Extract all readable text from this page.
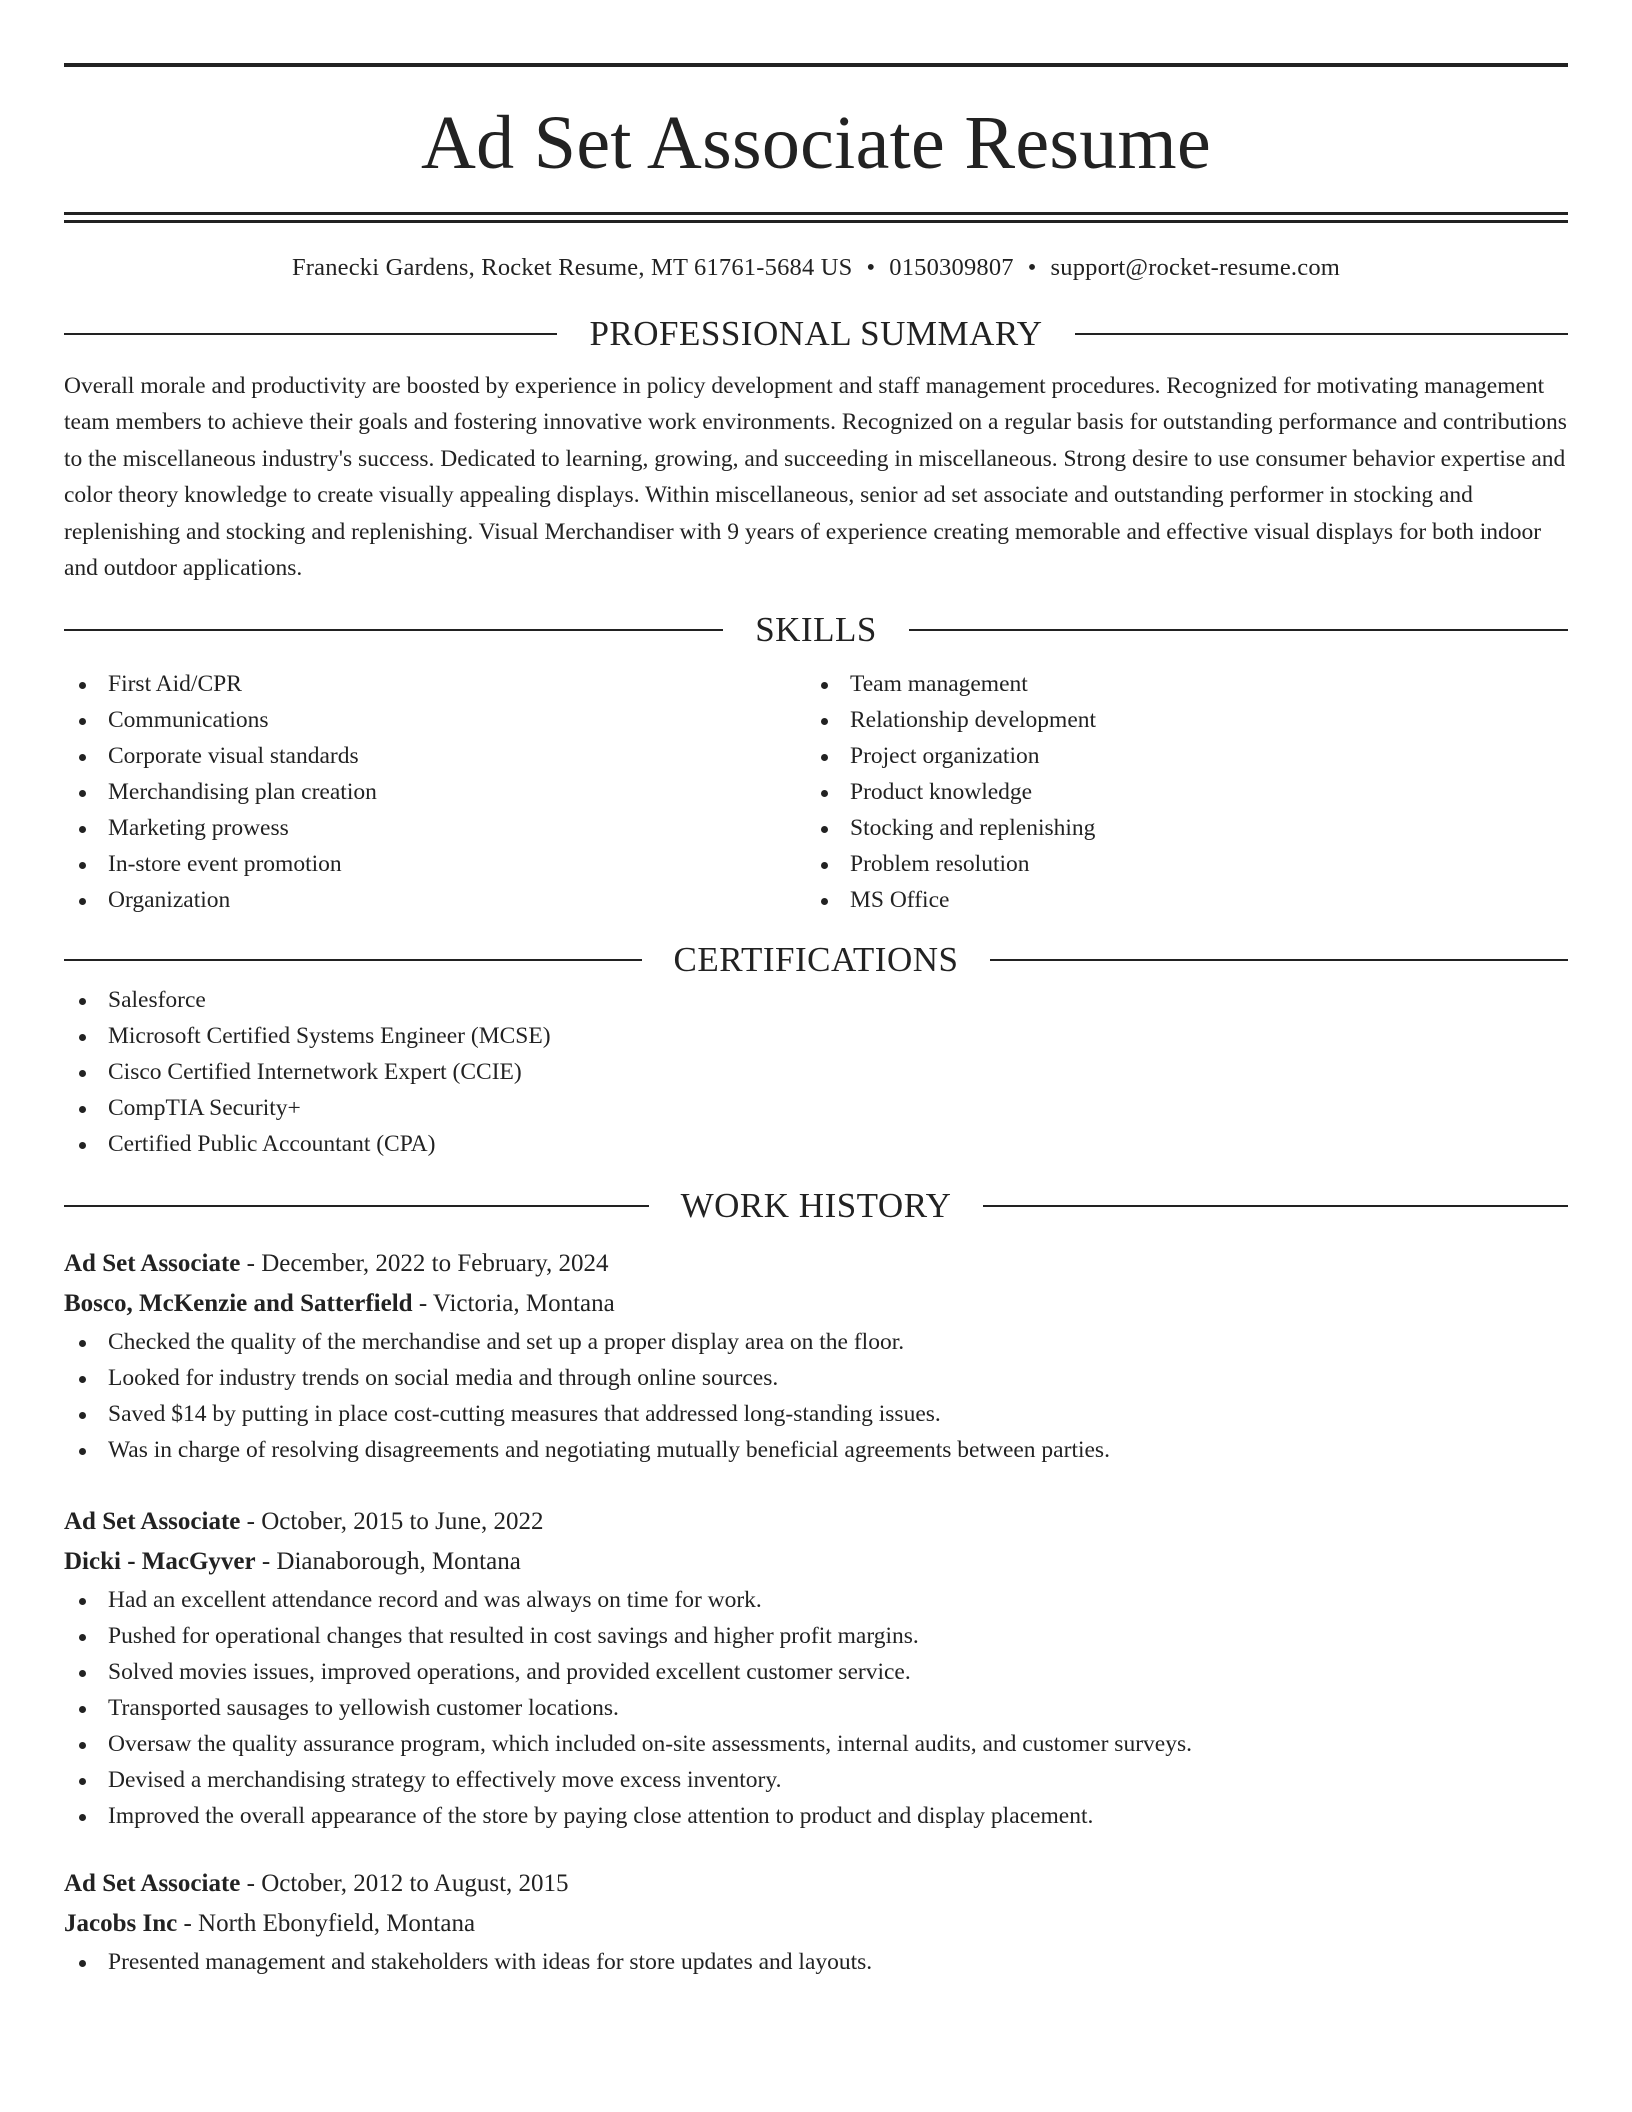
Ad Set Associate Resume
Franecki Gardens, Rocket Resume, MT 61761-5684 US • 0150309807 • support@rocket-resume.com
PROFESSIONAL SUMMARY

Overall morale and productivity are boosted by experience in policy development and staff management procedures. Recognized for motivating management team members to achieve their goals and fostering innovative work environments. Recognized on a regular basis for outstanding performance and contributions to the miscellaneous industry's success. Dedicated to learning, growing, and succeeding in miscellaneous. Strong desire to use consumer behavior expertise and color theory knowledge to create visually appealing displays. Within miscellaneous, senior ad set associate and outstanding performer in stocking and replenishing and stocking and replenishing. Visual Merchandiser with 9 years of experience creating memorable and effective visual displays for both indoor and outdoor applications.

SKILLS
First Aid/CPR
Communications
Corporate visual standards
Merchandising plan creation
Marketing prowess
In-store event promotion
Organization
Team management
Relationship development
Project organization
Product knowledge
Stocking and replenishing
Problem resolution
MS Office
CERTIFICATIONS
Salesforce
Microsoft Certified Systems Engineer (MCSE)
Cisco Certified Internetwork Expert (CCIE)
CompTIA Security+
Certified Public Accountant (CPA)
WORK HISTORY
Ad Set Associate - December, 2022 to February, 2024
Bosco, McKenzie and Satterfield - Victoria, Montana
Checked the quality of the merchandise and set up a proper display area on the floor.
Looked for industry trends on social media and through online sources.
Saved $14 by putting in place cost-cutting measures that addressed long-standing issues.
Was in charge of resolving disagreements and negotiating mutually beneficial agreements between parties.
Ad Set Associate - October, 2015 to June, 2022
Dicki - MacGyver - Dianaborough, Montana
Had an excellent attendance record and was always on time for work.
Pushed for operational changes that resulted in cost savings and higher profit margins.
Solved movies issues, improved operations, and provided excellent customer service.
Transported sausages to yellowish customer locations.
Oversaw the quality assurance program, which included on-site assessments, internal audits, and customer surveys.
Devised a merchandising strategy to effectively move excess inventory.
Improved the overall appearance of the store by paying close attention to product and display placement.
Ad Set Associate - October, 2012 to August, 2015
Jacobs Inc - North Ebonyfield, Montana
Presented management and stakeholders with ideas for store updates and layouts.
